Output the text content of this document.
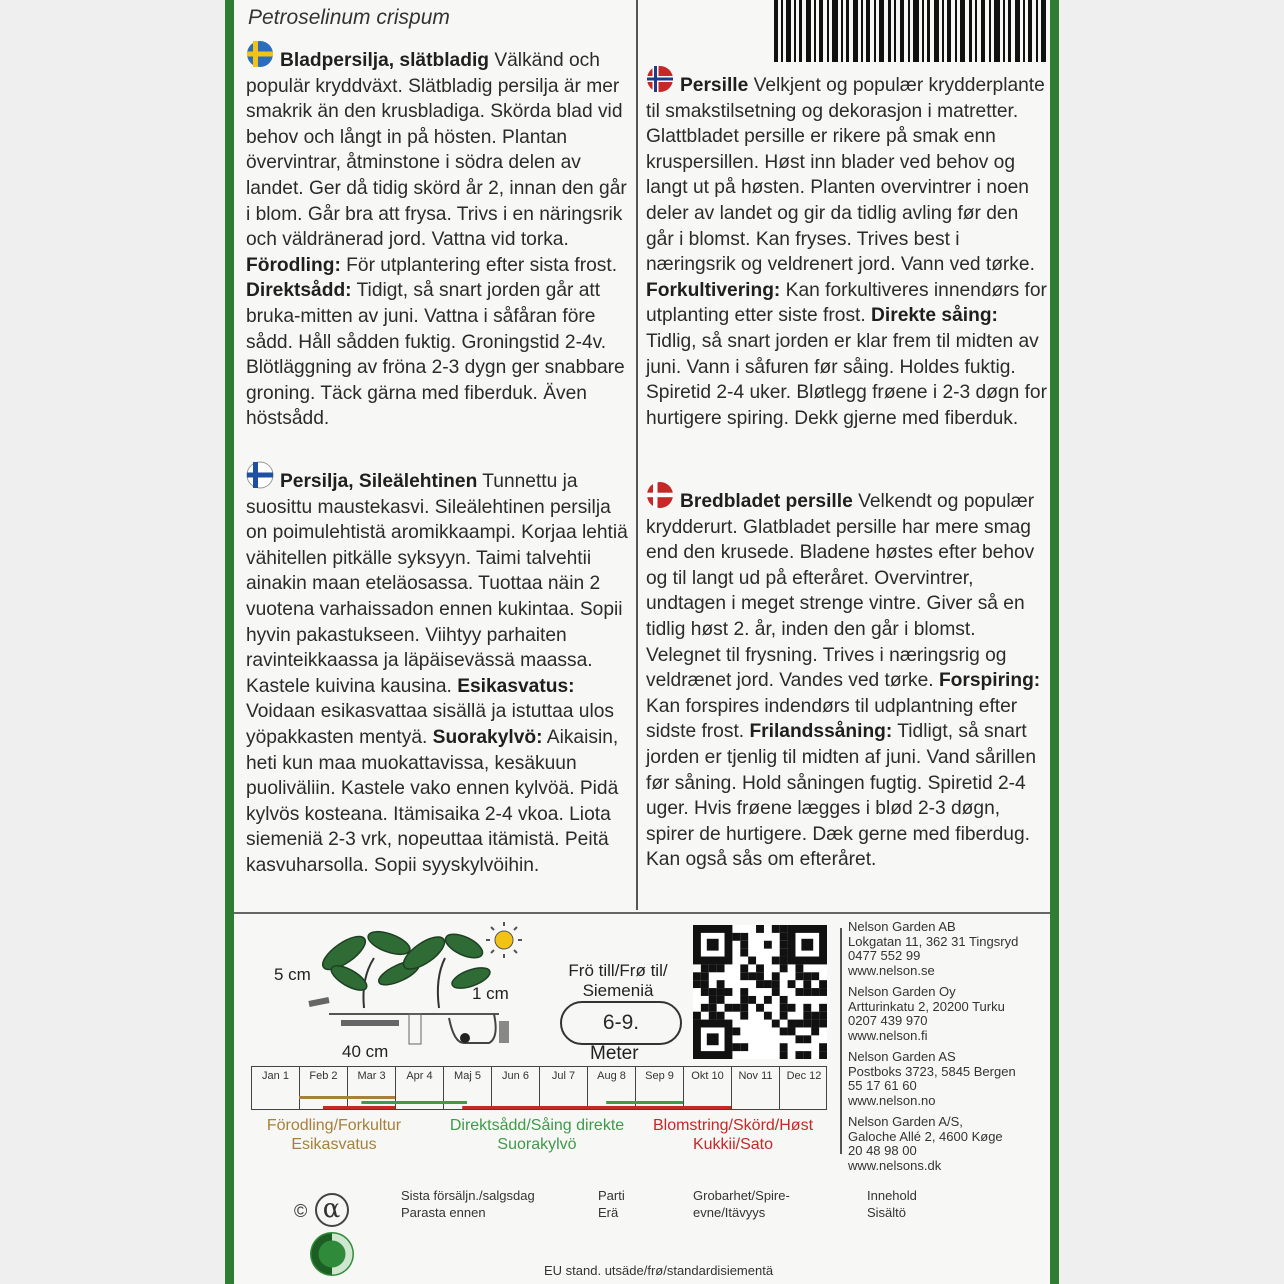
Petroselinum crispum

Bladpersilja, slätbladig Välkänd och populär kryddväxt. Slätbladig persilja är mer smakrik än den krusbladiga. Skörda blad vid behov och långt in på hösten. Plantan övervintrar, åtminstone i södra delen av landet. Ger då tidig skörd år 2, innan den går i blom. Går bra att frysa. Trivs i en näringsrik och väldränerad jord. Vattna vid torka. Förodling: För utplantering efter sista frost. Direktsådd: Tidigt, så snart jorden går att bruka-mitten av juni. Vattna i såfåran före sådd. Håll sådden fuktig. Groningstid 2-4v. Blötläggning av fröna 2-3 dygn ger snabbare groning. Täck gärna med fiberduk. Även höstsådd.

Persille Velkjent og populær krydderplante til smakstilsetning og dekorasjon i matretter. Glattbladet persille er rikere på smak enn kruspersillen. Høst inn blader ved behov og langt ut på høsten. Planten overvintrer i noen deler av landet og gir da tidlig avling før den går i blomst. Kan fryses. Trives best i næringsrik og veldrenert jord. Vann ved tørke. Forkultivering: Kan forkultiveres innendørs for utplanting etter siste frost. Direkte såing: Tidlig, så snart jorden er klar frem til midten av juni. Vann i såfuren før såing. Holdes fuktig. Spiretid 2-4 uker. Bløtlegg frøene i 2-3 døgn for hurtigere spiring. Dekk gjerne med fiberduk.

Persilja, Sileälehtinen Tunnettu ja suosittu maustekasvi. Sileälehtinen persilja on poimulehtistä aromikkaampi. Korjaa lehtiä vähitellen pitkälle syksyyn. Taimi talvehtii ainakin maan eteläosassa. Tuottaa näin 2 vuotena varhaissadon ennen kukintaa. Sopii hyvin pakastukseen. Viihtyy parhaiten ravinteikkaassa ja läpäisevässä maassa. Kastele kuivina kausina. Esikasvatus: Voidaan esikasvattaa sisällä ja istuttaa ulos yöpakkasten mentyä. Suorakylvö: Aikaisin, heti kun maa muokattavissa, kesäkuun puoliväliin. Kastele vako ennen kylvöä. Pidä kylvös kosteana. Itämisaika 2-4 vkoa. Liota siemeniä 2-3 vrk, nopeuttaa itämistä. Peitä kasvuharsolla. Sopii syyskylvöihin.

Bredbladet persille Velkendt og populær krydderurt. Glatbladet persille har mere smag end den krusede. Bladene høstes efter behov og til langt ud på efteråret. Overvintrer, undtagen i meget strenge vintre. Giver så en tidlig høst 2. år, inden den går i blomst. Velegnet til frysning. Trives i næringsrig og veldrænet jord. Vandes ved tørke. Forspiring: Kan forspires indendørs til udplantning efter sidste frost. Frilandssåning: Tidligt, så snart jorden er tjenlig til midten af juni. Vand sårillen før såning. Hold såningen fugtig. Spiretid 2-4 uger. Hvis frøene lægges i blød 2-3 døgn, spirer de hurtigere. Dæk gerne med fiberdug. Kan også sås om efteråret.

5 cm
1 cm
40 cm
Frö till/Frø til/
Siemeniä
6-9.
Meter
Nelson Garden AB
Lokgatan 11, 362 31 Tingsryd
0477 552 99
www.nelson.se
Nelson Garden Oy
Artturinkatu 2, 20200 Turku
0207 439 970
www.nelson.fi
Nelson Garden AS
Postboks 3723, 5845 Bergen
55 17 61 60
www.nelson.no
Nelson Garden A/S,
Galoche Allé 2, 4600 Køge
20 48 98 00
www.nelsons.dk
Jan 1	Feb 2	Mar 3	Apr 4	Maj 5	Jun 6	Jul 7	Aug 8	Sep 9	Okt 10	Nov 11	Dec 12
Förodling/Forkultur
Esikasvatus
Direktsådd/Såing direkte
Suorakylvö
Blomstring/Skörd/Høst
Kukkii/Sato
© α	Sista försäljn./salgsdag
Parasta ennen
Parti
Erä
Grobarhet/Spire-
evne/Itävyys
Innehold
Sisältö
EU stand. utsäde/frø/standardisiementä
